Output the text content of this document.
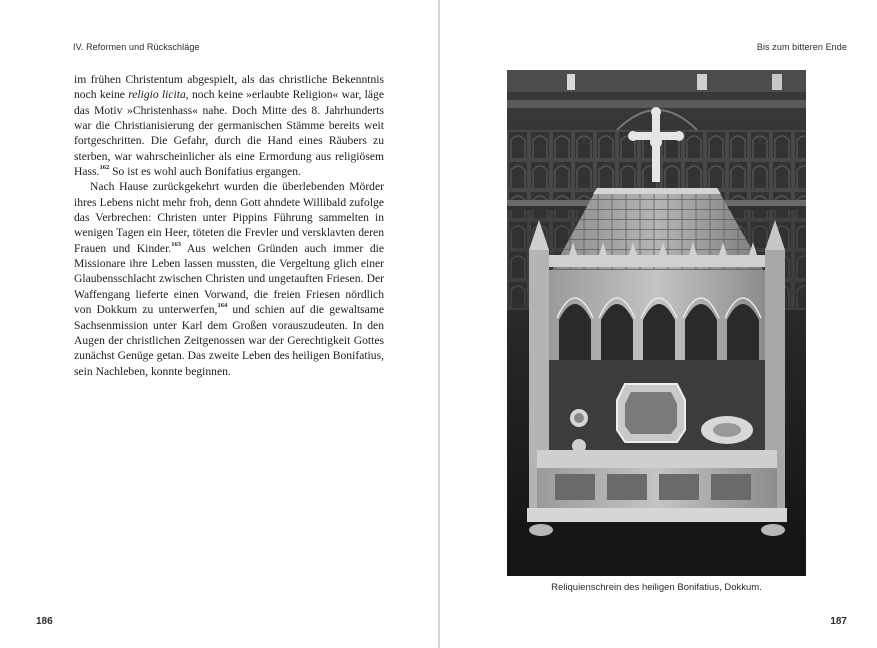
IV. Reformen und Rückschläge

im frühen Christentum abgespielt, als das christliche Bekenntnis noch keine religio licita, noch keine »erlaubte Religion« war, läge das Motiv »Christenhass« nahe. Doch Mitte des 8. Jahrhunderts war die Christianisierung der germanischen Stämme bereits weit fortgeschritten. Die Gefahr, durch die Hand eines Räubers zu sterben, war wahrscheinlicher als eine Ermordung aus religiösem Hass.$^{162}$ So ist es wohl auch Bonifatius ergangen.

Nach Hause zurückgekehrt wurden die überlebenden Mörder ihres Lebens nicht mehr froh, denn Gott ahndete Willibald zufolge das Verbrechen: Christen unter Pippins Führung sammelten in wenigen Tagen ein Heer, töteten die Frevler und versklavten deren Frauen und Kinder.$^{163}$ Aus welchen Gründen auch immer die Missionare ihre Leben lassen mussten, die Vergeltung glich einer Glaubensschlacht zwischen Christen und ungetauften Friesen. Der Waffengang lieferte einen Vorwand, die freien Friesen nördlich von Dokkum zu unterwerfen,$^{164}$ und schien auf die gewaltsame Sachsenmission unter Karl dem Großen vorauszudeuten. In den Augen der christlichen Zeitgenossen war der Gerechtigkeit Gottes zunächst Genüge getan. Das zweite Leben des heiligen Bonifatius, sein Nachleben, konnte beginnen.

186
Bis zum bitteren Ende
Reliquienschrein des heiligen Bonifatius, Dokkum.
187
